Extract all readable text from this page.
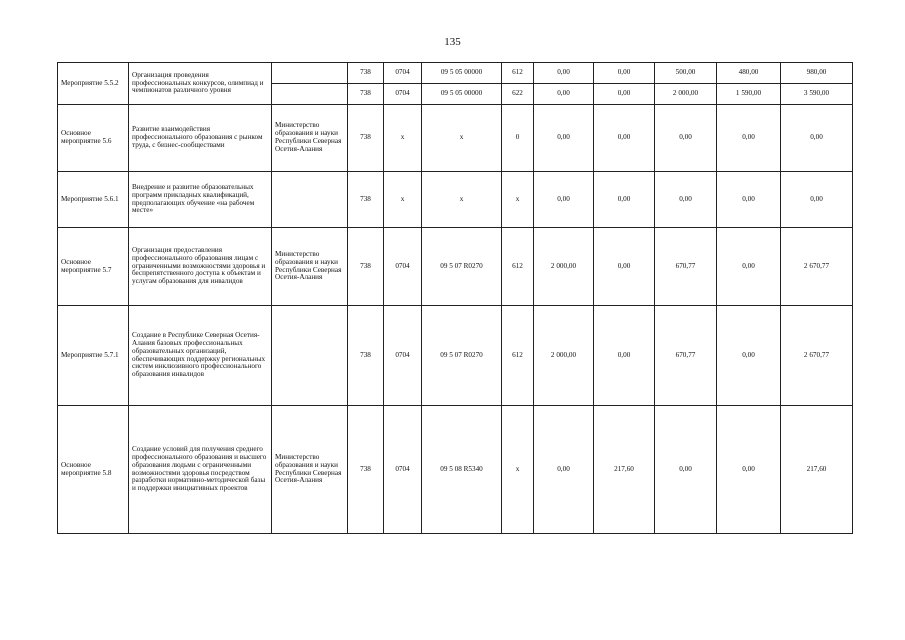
135
Мероприятие 5.5.2	Организация проведения профессиональных конкурсов, олимпиад и чемпионатов различного уровня		738	0704	09 5 05 00000	612	0,00	0,00	500,00	480,00	980,00
			738	0704	09 5 05 00000	622	0,00	0,00	2 000,00	1 590,00	3 590,00
Основное мероприятие 5.6	Развитие взаимодействия профессионального образования с рынком труда, с бизнес-сообществами	Министерство образования и науки Республики Северная Осетия-Алания	738	х	х	0	0,00	0,00	0,00	0,00	0,00
Мероприятие 5.6.1	Внедрение и развитие образовательных программ прикладных квалификаций, предполагающих обучение «на рабочем месте»		738	х	х	х	0,00	0,00	0,00	0,00	0,00
Основное мероприятие 5.7	Организация предоставления профессионального образования лицам с ограниченными возможностями здоровья и беспрепятственного доступа к объектам и услугам образования для инвалидов	Министерство образования и науки Республики Северная Осетия-Алания	738	0704	09 5 07 R0270	612	2 000,00	0,00	670,77	0,00	2 670,77
Мероприятие 5.7.1	Создание в Республике Северная Осетия-Алания базовых профессиональных образовательных организаций, обеспечивающих поддержку региональных систем инклюзивного профессионального образования инвалидов		738	0704	09 5 07 R0270	612	2 000,00	0,00	670,77	0,00	2 670,77
Основное мероприятие 5.8	Создание условий для получения среднего профессионального образования и высшего образования людьми с ограниченными возможностями здоровья посредством разработки нормативно-методической базы и поддержки инициативных проектов	Министерство образования и науки Республики Северная Осетия-Алания	738	0704	09 5 08 R5340	х	0,00	217,60	0,00	0,00	217,60
